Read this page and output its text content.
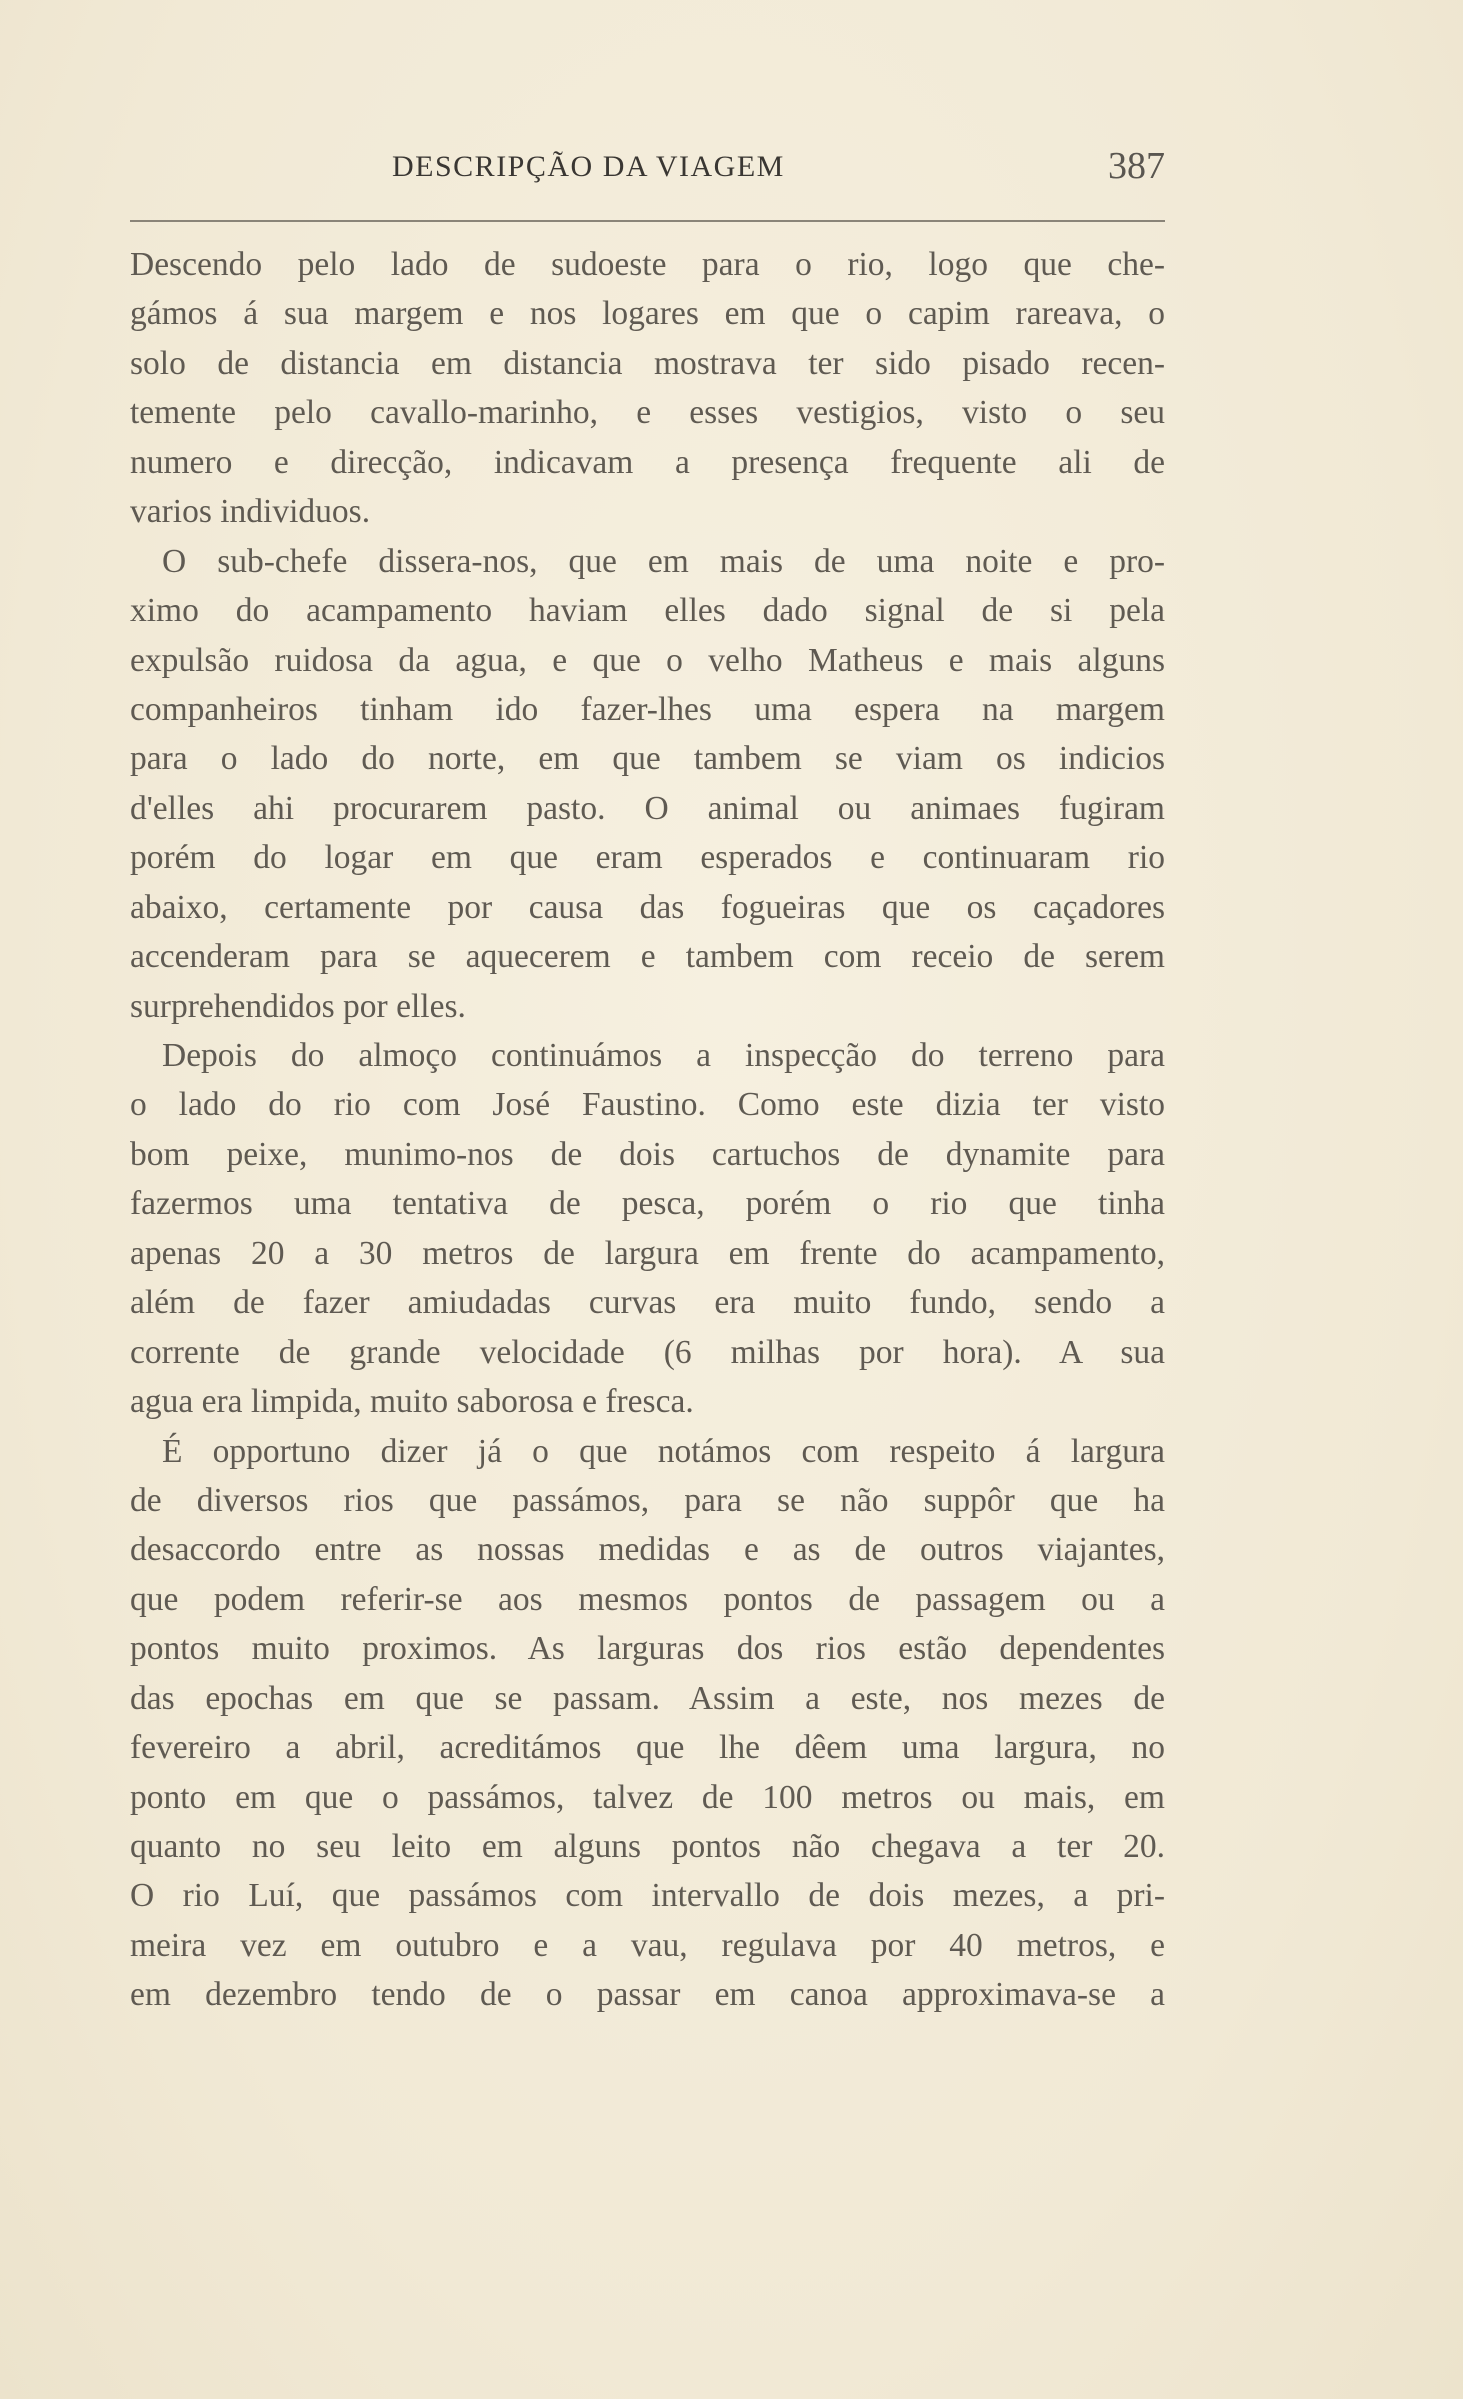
DESCRIPÇÃO DA VIAGEM	387
Descendo pelo lado de sudoeste para o rio, logo que che-
gámos á sua margem e nos logares em que o capim rareava, o
solo de distancia em distancia mostrava ter sido pisado recen-
temente pelo cavallo-marinho, e esses vestigios, visto o seu
numero e direcção, indicavam a presença frequente ali de
varios individuos.
O sub-chefe dissera-nos, que em mais de uma noite e pro-
ximo do acampamento haviam elles dado signal de si pela
expulsão ruidosa da agua, e que o velho Matheus e mais alguns
companheiros tinham ido fazer-lhes uma espera na margem
para o lado do norte, em que tambem se viam os indicios
d'elles ahi procurarem pasto. O animal ou animaes fugiram
porém do logar em que eram esperados e continuaram rio
abaixo, certamente por causa das fogueiras que os caçadores
accenderam para se aquecerem e tambem com receio de serem
surprehendidos por elles.
Depois do almoço continuámos a inspecção do terreno para
o lado do rio com José Faustino. Como este dizia ter visto
bom peixe, munimo-nos de dois cartuchos de dynamite para
fazermos uma tentativa de pesca, porém o rio que tinha
apenas 20 a 30 metros de largura em frente do acampamento,
além de fazer amiudadas curvas era muito fundo, sendo a
corrente de grande velocidade (6 milhas por hora). A sua
agua era limpida, muito saborosa e fresca.
É opportuno dizer já o que notámos com respeito á largura
de diversos rios que passámos, para se não suppôr que ha
desaccordo entre as nossas medidas e as de outros viajantes,
que podem referir-se aos mesmos pontos de passagem ou a
pontos muito proximos. As larguras dos rios estão dependentes
das epochas em que se passam. Assim a este, nos mezes de
fevereiro a abril, acreditámos que lhe dêem uma largura, no
ponto em que o passámos, talvez de 100 metros ou mais, em
quanto no seu leito em alguns pontos não chegava a ter 20.
O rio Luí, que passámos com intervallo de dois mezes, a pri-
meira vez em outubro e a vau, regulava por 40 metros, e
em dezembro tendo de o passar em canoa approximava-se a
